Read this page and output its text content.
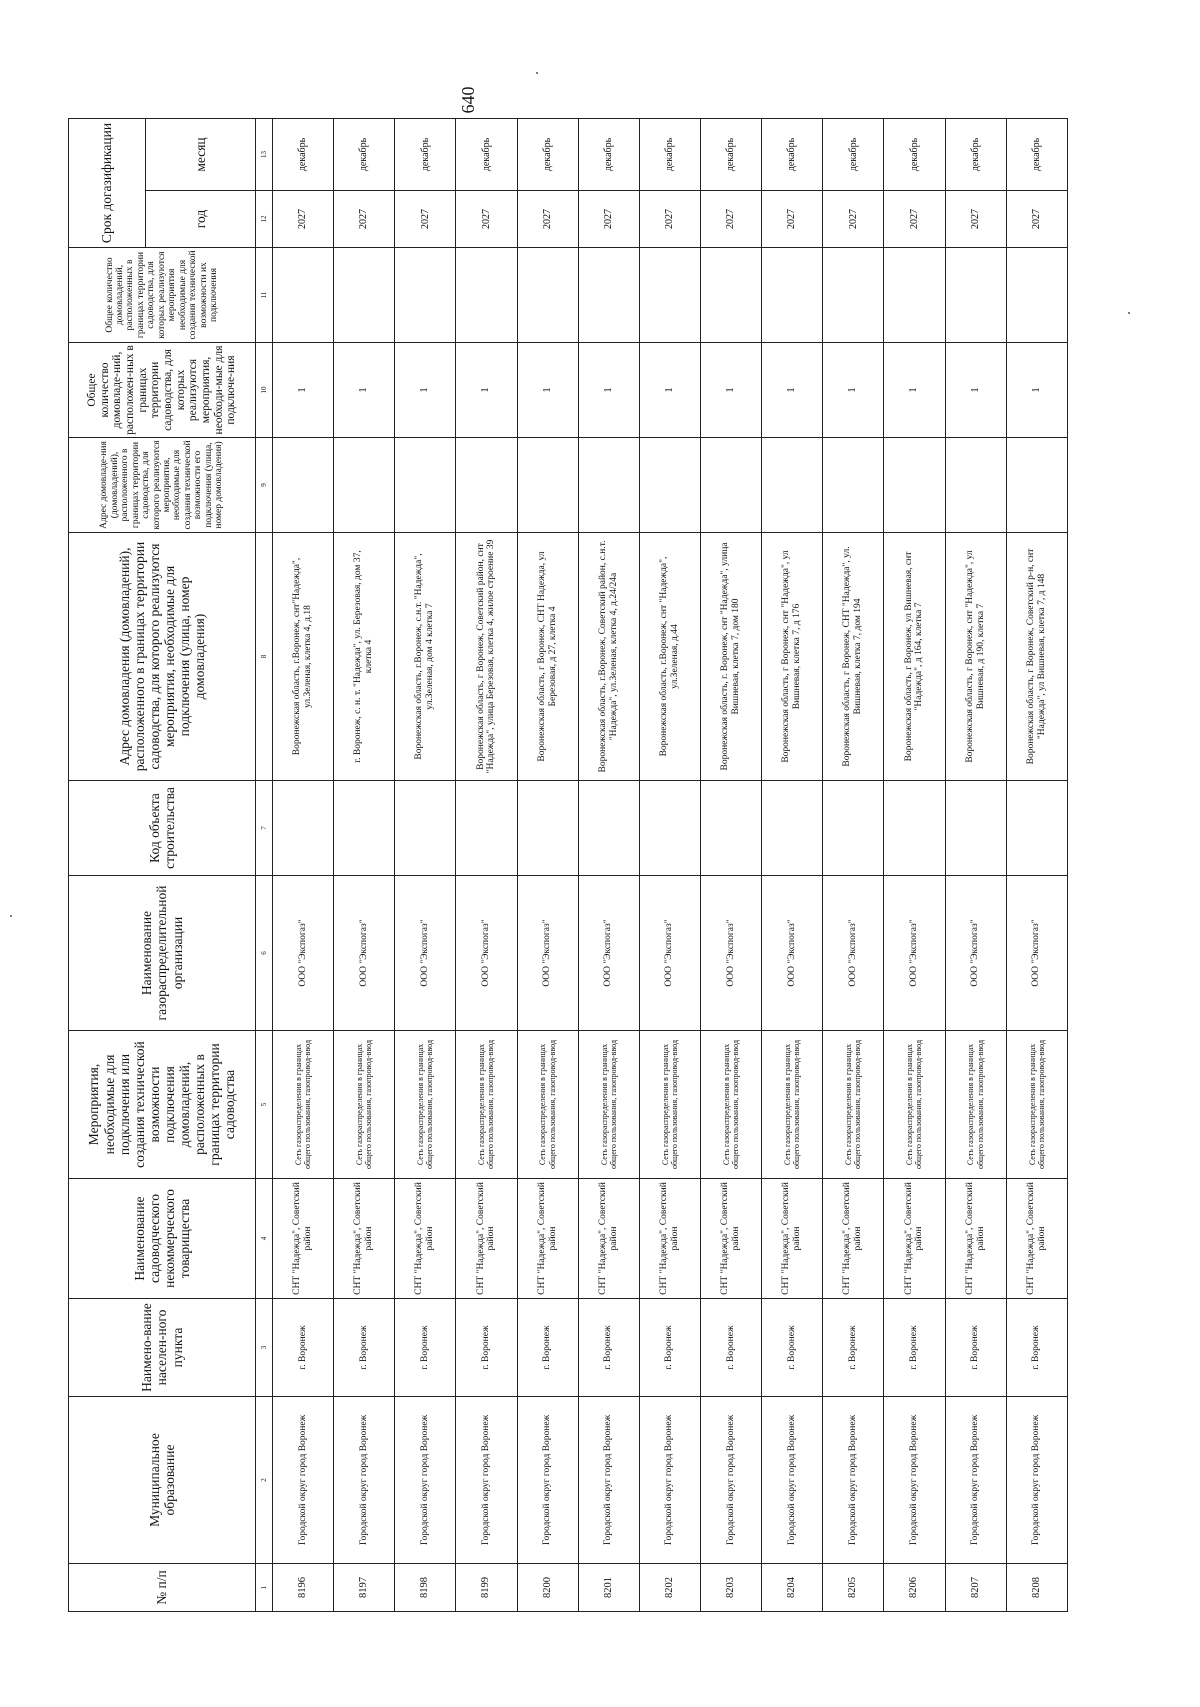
640
№ п/п	Муниципальное образование	Наимено-вание населен-ного пункта	Наименование садоводческого некоммерческого товарищества	Мероприятия, необходимые для подключения или создания технической возможности подключения домовладений, расположенных в границах территории садоводства	Наименование газораспределительной организации	Код объекта строительства	Адрес домовладения (домовладений), расположенного в границах территории садоводства, для которого реализуются мероприятия, необходимые для подключения (улица, номер домовладения)	Адрес домовладе-ния (домовладений), расположенного в границах территории садоводства, для которого реализуются мероприятия, необходимые для создания технической возможности его подключения (улица, номер домовладения)	Общее количество домовладе-ний, расположен-ных в границах территории садоводства, для которых реализуются мероприятия, необходи-мые для подключе-ния	Общее количество домовладений, расположенных в границах территории садоводства, для которых реализуются мероприятия необходимые для создания технической возможности их подключения	Срок догазификации	
											год	месяц
1	2	3	4	5	6	7	8	9	10	11	12	13
8196	Городской округ город Воронеж	г. Воронеж	СНТ "Надежда", Советский район	Сеть газораспределения в границах общего пользования, газопровод-ввод	ООО "Экспогаз"		Воронежская область, г.Воронеж, снт"Надежда", ул.Зеленая, клетка 4, д.18		1		2027	декабрь
8197	Городской округ город Воронеж	г. Воронеж	СНТ "Надежда", Советский район	Сеть газораспределения в границах общего пользования, газопровод-ввод	ООО "Экспогаз"		г. Воронеж, с. н. т. "Надежда", ул. Березовая, дом 37, клетка 4		1		2027	декабрь
8198	Городской округ город Воронеж	г. Воронеж	СНТ "Надежда", Советский район	Сеть газораспределения в границах общего пользования, газопровод-ввод	ООО "Экспогаз"		Воронежская область, г.Воронеж, с.н.т. "Надежда", ул.Зеленая, дом 4 клетка 7		1		2027	декабрь
8199	Городской округ город Воронеж	г. Воронеж	СНТ "Надежда", Советский район	Сеть газораспределения в границах общего пользования, газопровод-ввод	ООО "Экспогаз"		Воронежская область, г Воронеж, Советский район, снт "Надежда", улица Березовая, клетка 4, жилое строение 39		1		2027	декабрь
8200	Городской округ город Воронеж	г. Воронеж	СНТ "Надежда", Советский район	Сеть газораспределения в границах общего пользования, газопровод-ввод	ООО "Экспогаз"		Воронежская область, г Воронеж, СНТ Надежда, ул Березовая, д 27, клетка 4		1		2027	декабрь
8201	Городской округ город Воронеж	г. Воронеж	СНТ "Надежда", Советский район	Сеть газораспределения в границах общего пользования, газопровод-ввод	ООО "Экспогаз"		Воронежская область, г.Воронеж, Советский район, с.н.т. "Надежда", ул.Зеленая, клетка 4, д.24/24а		1		2027	декабрь
8202	Городской округ город Воронеж	г. Воронеж	СНТ "Надежда", Советский район	Сеть газораспределения в границах общего пользования, газопровод-ввод	ООО "Экспогаз"		Воронежская область, г.Воронеж, снт "Надежда", ул.Зеленая, д.44		1		2027	декабрь
8203	Городской округ город Воронеж	г. Воронеж	СНТ "Надежда", Советский район	Сеть газораспределения в границах общего пользования, газопровод-ввод	ООО "Экспогаз"		Воронежская область, г. Воронеж, снт "Надежда", улица Вишневая, клетка 7, дом 180		1		2027	декабрь
8204	Городской округ город Воронеж	г. Воронеж	СНТ "Надежда", Советский район	Сеть газораспределения в границах общего пользования, газопровод-ввод	ООО "Экспогаз"		Воронежская область, г Воронеж, снт "Надежда", ул Вишневая, клетка 7, д 176		1		2027	декабрь
8205	Городской округ город Воронеж	г. Воронеж	СНТ "Надежда", Советский район	Сеть газораспределения в границах общего пользования, газопровод-ввод	ООО "Экспогаз"		Воронежская область, г Воронеж, СНТ "Надежда", ул. Вишневая, клетка 7, дом 194		1		2027	декабрь
8206	Городской округ город Воронеж	г. Воронеж	СНТ "Надежда", Советский район	Сеть газораспределения в границах общего пользования, газопровод-ввод	ООО "Экспогаз"		Воронежская область, г Воронеж, ул Вишневая, снт "Надежда", д 164, клетка 7		1		2027	декабрь
8207	Городской округ город Воронеж	г. Воронеж	СНТ "Надежда", Советский район	Сеть газораспределения в границах общего пользования, газопровод-ввод	ООО "Экспогаз"		Воронежская область, г Воронеж, снт "Надежда", ул Вишневая, д 190, клетка 7		1		2027	декабрь
8208	Городской округ город Воронеж	г. Воронеж	СНТ "Надежда", Советский район	Сеть газораспределения в границах общего пользования, газопровод-ввод	ООО "Экспогаз"		Воронежская область, г Воронеж, Советский р-н, снт "Надежда", ул Вишневая, клетка 7, д 148		1		2027	декабрь
